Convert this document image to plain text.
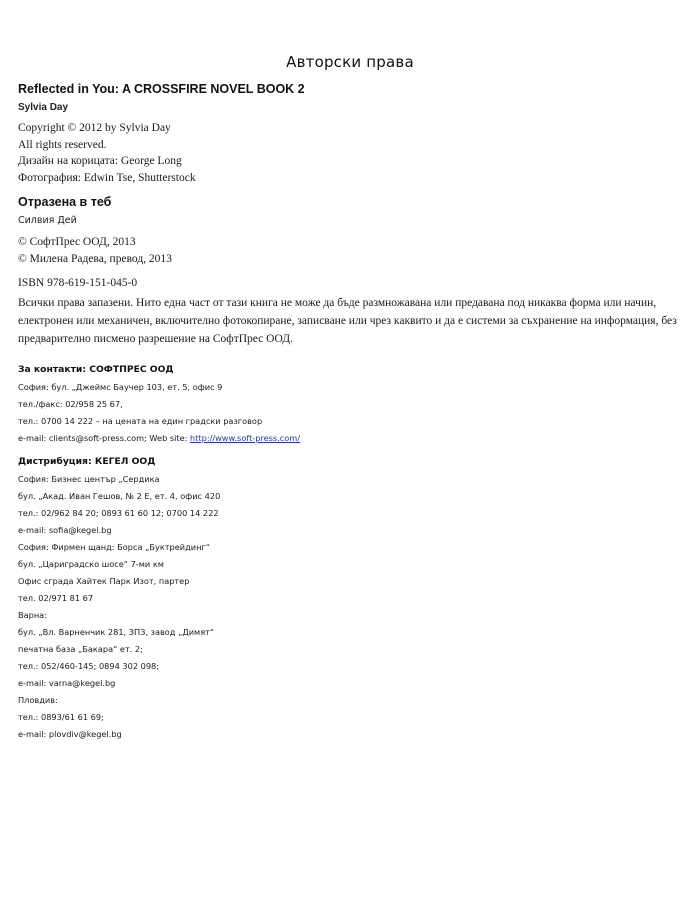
Авторски права

Reflected in You: A CROSSFIRE NOVEL BOOK 2

Sylvia Day

Copyright © 2012 by Sylvia Day

All rights reserved.

Дизайн на корицата: George Long

Фотография: Edwin Tse, Shutterstock

Отразена в теб

Силвия Дей

© СофтПрес ООД, 2013

© Милена Радева, превод, 2013

ISBN 978-619-151-045-0

Всички права запазени. Нито една част от тази книга не може да бъде размножавана или предавана под никаква форма или начин, електронен или механичен, включително фотокопиране, записване или чрез каквито и да е системи за съхранение на информация, без предварително писмено разрешение на СофтПрес ООД.

За контакти: СОФТПРЕС ООД

София: бул. „Джеймс Баучер 103, ет. 5, офис 9

тел./факс: 02/958 25 67,

тел.: 0700 14 222 – на цената на един градски разговор

e-mail: clients@soft-press.com; Web site: http://www.soft-press.com/

Дистрибуция: КЕГЕЛ ООД

София: Бизнес център „Сердика

бул. „Акад. Иван Гешов, № 2 Е, ет. 4, офис 420

тел.: 02/962 84 20; 0893 61 60 12; 0700 14 222

e-mail: sofia@kegel.bg

София: Фирмен щанд: Борса „Буктрейдинг“

бул. „Цариградско шосе“ 7-ми км

Офис сграда Хайтек Парк Изот, партер

тел. 02/971 81 67

Варна:

бул. „Вл. Варненчик 281, ЗПЗ, завод „Димят“

печатна база „Бакара“ ет. 2;

тел.: 052/460-145; 0894 302 098;

e-mail: varna@kegel.bg

Пловдив:

тел.: 0893/61 61 69;

e-mail: plovdiv@kegel.bg
